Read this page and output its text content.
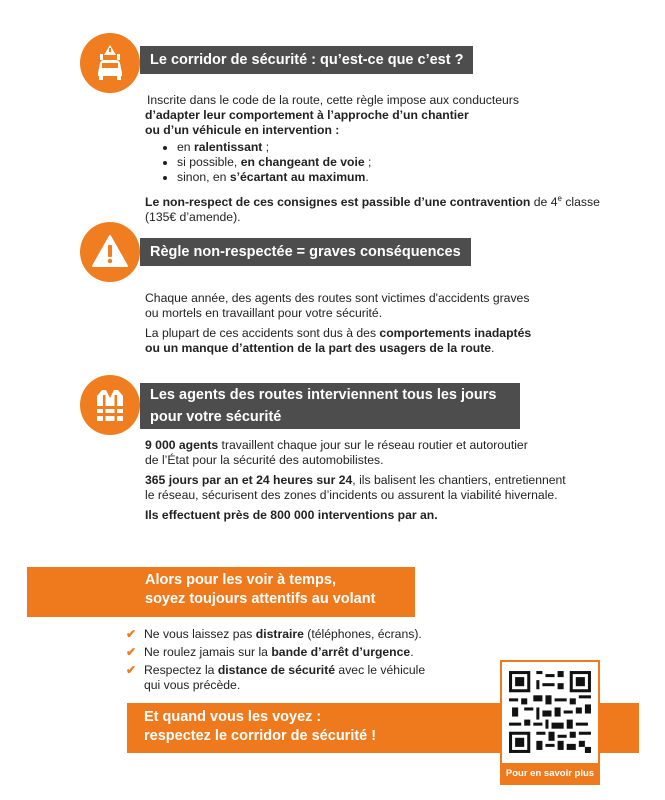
Le corridor de sécurité : qu’est-ce que c’est ?

Inscrite dans le code de la route, cette règle impose aux conducteurs

d’adapter leur comportement à l’approche d’un chantier

ou d’un véhicule en intervention :

• en ralentissant ;
• si possible, en changeant de voie ;
• sinon, en s’écartant au maximum.

Le non-respect de ces consignes est passible d’une contravention de 4e classe

(135€ d’amende).

Règle non-respectée = graves conséquences

Chaque année, des agents des routes sont victimes d'accidents graves

ou mortels en travaillant pour votre sécurité.

La plupart de ces accidents sont dus à des comportements inadaptés

ou un manque d’attention de la part des usagers de la route.

Les agents des routes interviennent tous les jours
pour votre sécurité

9 000 agents travaillent chaque jour sur le réseau routier et autoroutier

de l’État pour la sécurité des automobilistes.

365 jours par an et 24 heures sur 24, ils balisent les chantiers, entretiennent

le réseau, sécurisent des zones d’incidents ou assurent la viabilité hivernale.

Ils effectuent près de 800 000 interventions par an.

Alors pour les voir à temps,
soyez toujours attentifs au volant
✔ Ne vous laissez pas distraire (téléphones, écrans).
✔ Ne roulez jamais sur la bande d’arrêt d’urgence.
✔ Respectez la distance de sécurité avec le véhicule
qui vous précède.
Et quand vous les voyez :
respectez le corridor de sécurité !
Pour en savoir plus
